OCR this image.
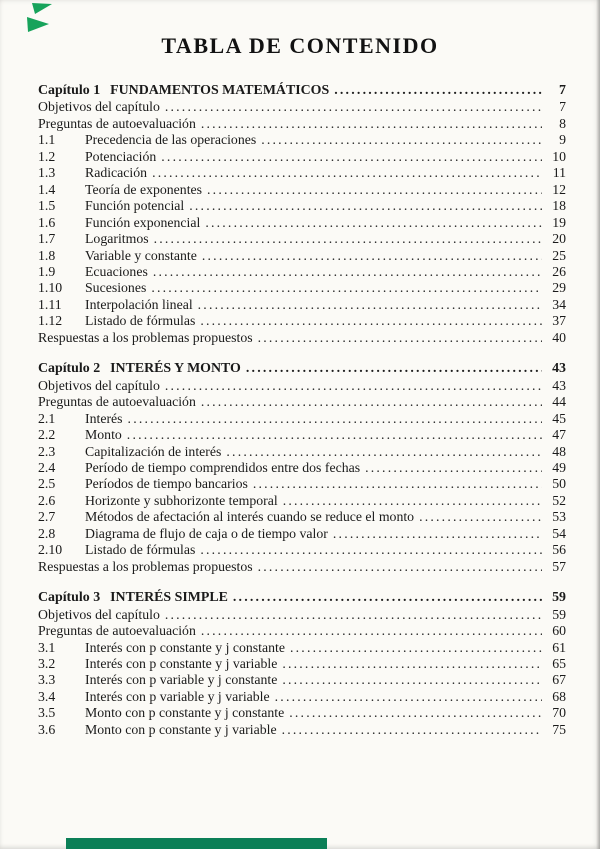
TABLA DE CONTENIDO
Capítulo 1 FUNDAMENTOS MATEMÁTICOS .....	7
Objetivos del capítulo .....	7
Preguntas de autoevaluación .....	8
1.1	Precedencia de las operaciones .....	9
1.2	Potenciación .....	10
1.3	Radicación .....	11
1.4	Teoría de exponentes .....	12
1.5	Función potencial .....	18
1.6	Función exponencial .....	19
1.7	Logaritmos .....	20
1.8	Variable y constante .....	25
1.9	Ecuaciones .....	26
1.10	Sucesiones .....	29
1.11	Interpolación lineal .....	34
1.12	Listado de fórmulas .....	37
Respuestas a los problemas propuestos .....	40
Capítulo 2 INTERÉS Y MONTO .....	43
Objetivos del capítulo .....	43
Preguntas de autoevaluación .....	44
2.1	Interés .....	45
2.2	Monto .....	47
2.3	Capitalización de interés .....	48
2.4	Período de tiempo comprendidos entre dos fechas .....	49
2.5	Períodos de tiempo bancarios .....	50
2.6	Horizonte y subhorizonte temporal .....	52
2.7	Métodos de afectación al interés cuando se reduce el monto .....	53
2.8	Diagrama de flujo de caja o de tiempo valor .....	54
2.10	Listado de fórmulas .....	56
Respuestas a los problemas propuestos .....	57
Capítulo 3 INTERÉS SIMPLE .....	59
Objetivos del capítulo .....	59
Preguntas de autoevaluación .....	60
3.1	Interés con p constante y j constante .....	61
3.2	Interés con p constante y j variable .....	65
3.3	Interés con p variable y j constante .....	67
3.4	Interés con p variable y j variable .....	68
3.5	Monto con p constante y j constante .....	70
3.6	Monto con p constante y j variable .....	75
